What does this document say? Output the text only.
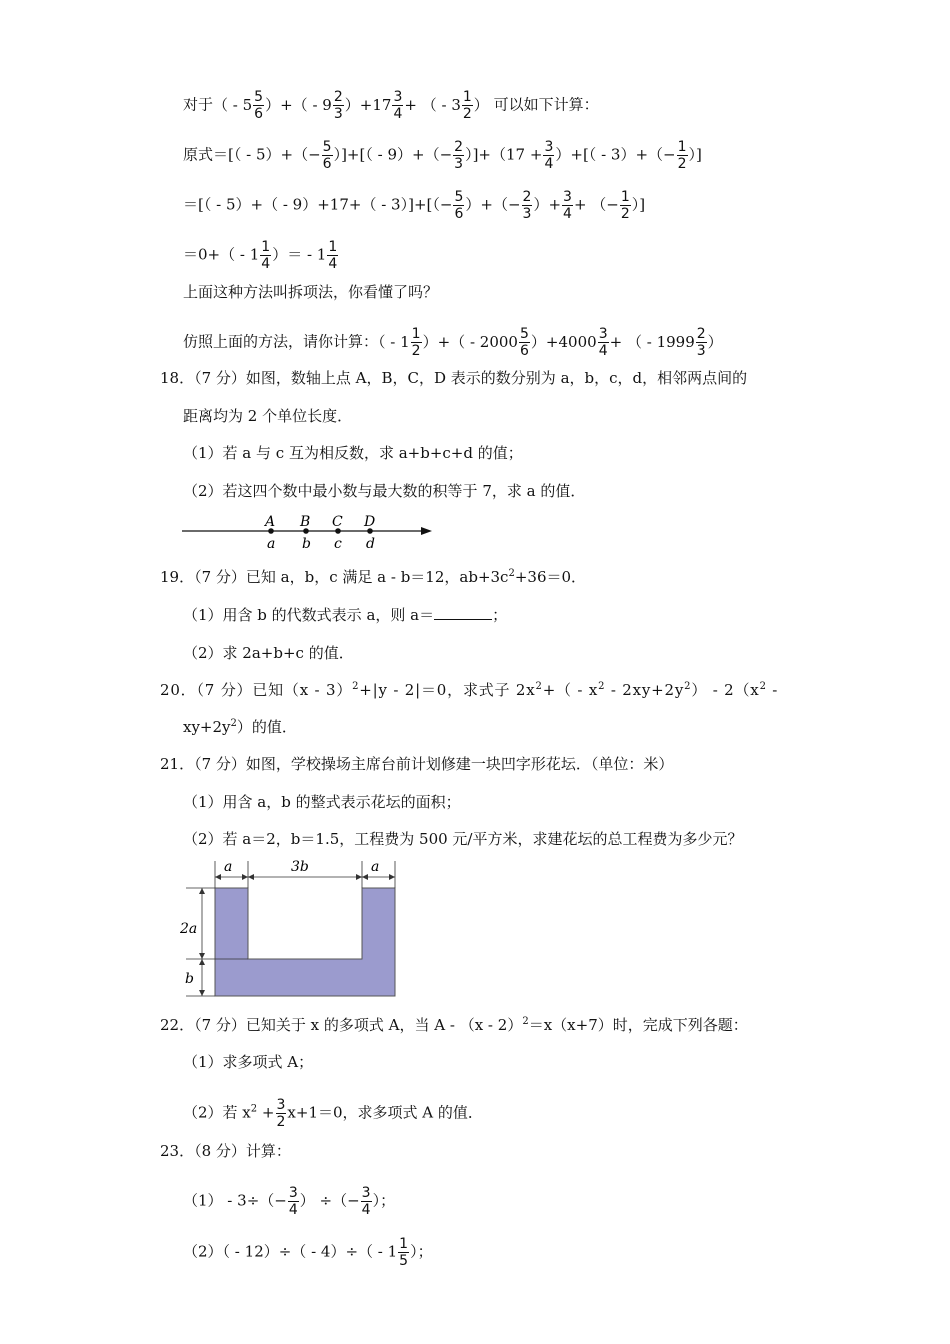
对于（ - $5 \frac{5}{6}$ ）+（ - $9 \frac{2}{3} )+17 \frac{3}{4}$ + （ - $3 \frac{1}{2}$ ） 可以如下计算：
原式＝[（ - $5)+(- \frac{5}{6}$ ）]+[（ - $9)+(- \frac{2}{3} )]+(17 + \frac{3}{4}$ ）+[（ - $3)+(- \frac{1}{2}$ ）]
＝[（ - $5)+( - 9)+17+( - 3)]+[(- \frac{5}{6}$ ）+（− $\frac{2}{3}$ ）+ $\frac{3}{4}$ + （− $\frac{1}{2}$ ）]
$=0+( - 1 \frac{1}{4}$ ）＝ - $1 \frac{1}{4}$
上面这种方法叫拆项法，你看懂了吗？
仿照上面的方法，请你计算：（ - $1 \frac{1}{2}$ ）+（ - $2000 \frac{5}{6} )+4000 \frac{3}{4}$ + （ - $1999 \frac{2}{3}$ ）
18．（7 分）如图，数轴上点 A，B，C，D 表示的数分别为 a，b，c，d，相邻两点间的
距离均为 2 个单位长度．
（1）若 a 与 c 互为相反数，求 a+b+c+d 的值；
（2）若这四个数中最小数与最大数的积等于 7，求 a 的值．
A
a
B
b
C
c
D
d
19．（7 分）已知 a，b，c 满足 a - b＝12，$ab+3c^2+36=0$．
（1）用含 b 的代数式表示 a，则 a＝	；
（2）求 2a+b+c 的值．
20．（7 分）已知（x - 3）$^2$+|y - 2|＝0，求式子 $2x^2+( - x^2 - 2xy+2y^2) - 2(x^2$ -
$xy+2y^2$）的值．
21．（7 分）如图，学校操场主席台前计划修建一块凹字形花坛．（单位：米）
（1）用含 a，b 的整式表示花坛的面积；
（2）若 a＝2，b＝1.5，工程费为 500 元/平方米，求建花坛的总工程费为多少元？
a	3b	a
2a
b
22．（7 分）已知关于 x 的多项式 A，当 A - （x - 2）$^2$＝x（x+7）时，完成下列各题：
（1）求多项式 A；
（2）若 $x^2 + \frac{3}{2} x+1=0$，求多项式 A 的值．
23．（8 分）计算：
$(1) - 3\div(- \frac{3}{4}$ ） ÷（− $\frac{3}{4}$ ）；
$(2)( - 12)\div( - 4)\div( - 1 \frac{1}{5}$ ）；
